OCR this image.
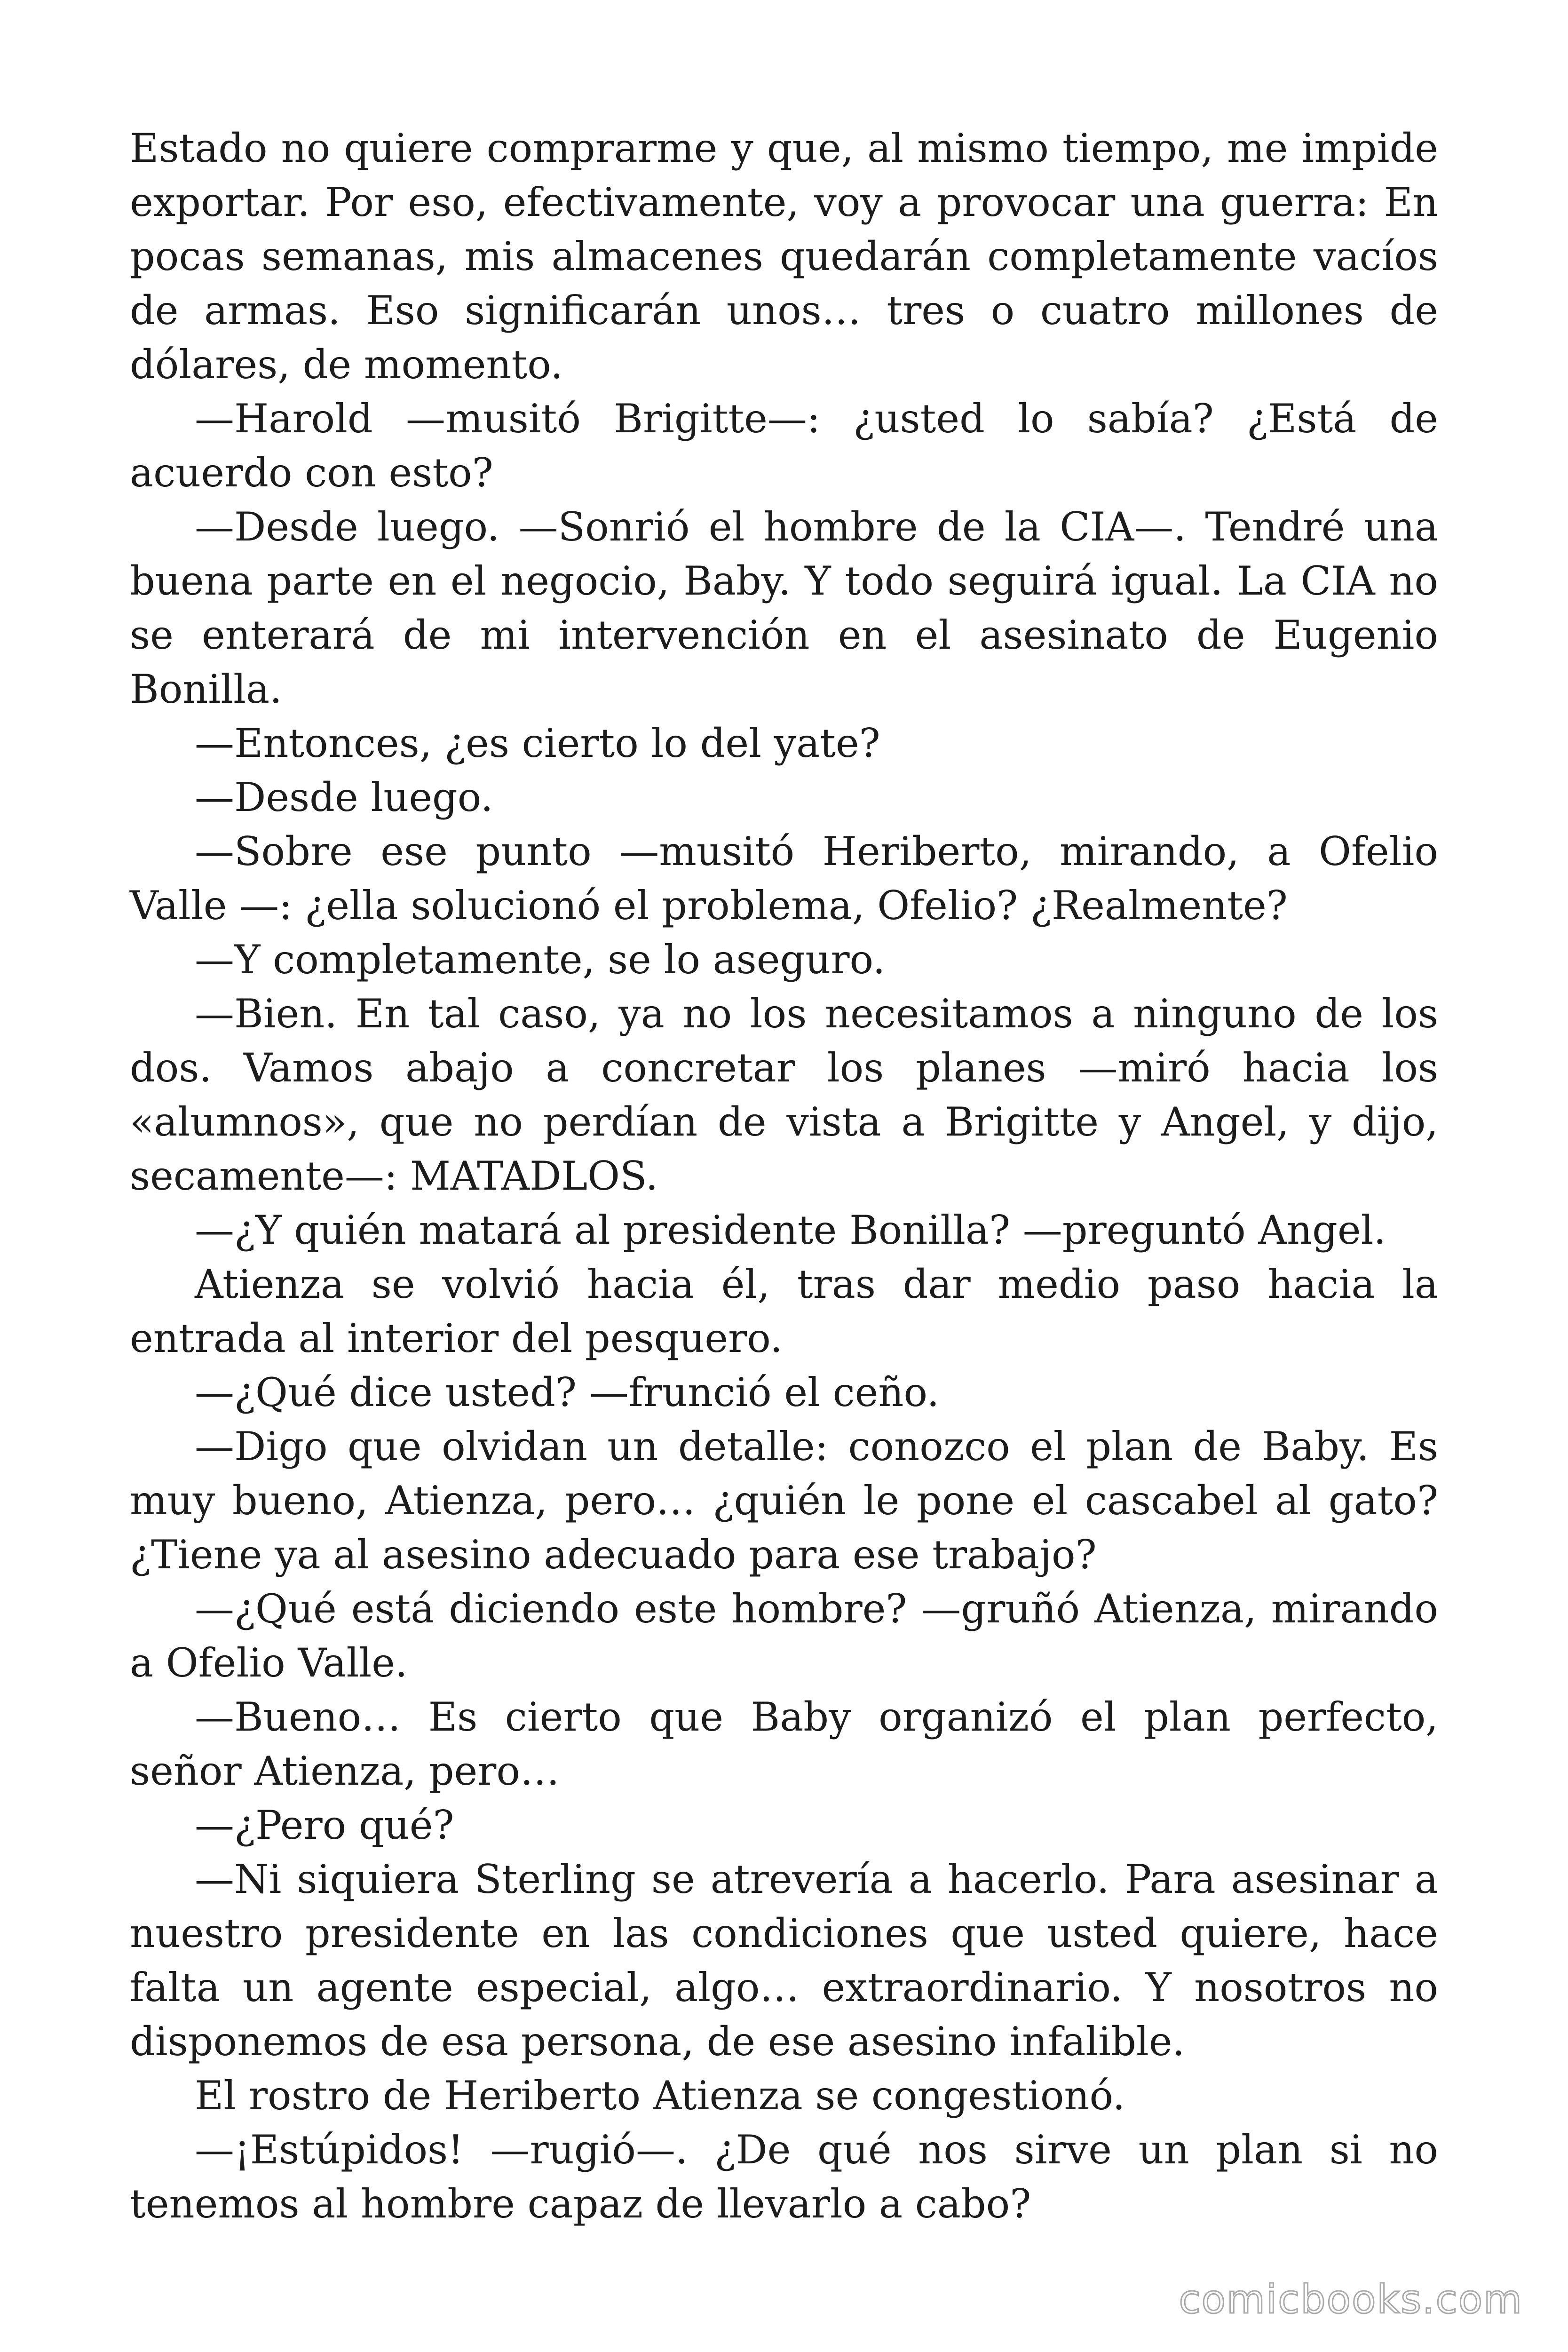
Estado no quiere comprarme y que, al mismo tiempo, me impide exportar. Por eso, efectivamente, voy a provocar una guerra: En pocas semanas, mis almacenes quedarán completamente vacíos de armas. Eso significarán unos… tres o cuatro millones de dólares, de momento.

—Harold —musitó Brigitte—: ¿usted lo sabía? ¿Está de acuerdo con esto?

—Desde luego. —Sonrió el hombre de la CIA—. Tendré una buena parte en el negocio, Baby. Y todo seguirá igual. La CIA no se enterará de mi intervención en el asesinato de Eugenio Bonilla.

—Entonces, ¿es cierto lo del yate?

—Desde luego.

—Sobre ese punto —musitó Heriberto, mirando, a Ofelio Valle —: ¿ella solucionó el problema, Ofelio? ¿Realmente?

—Y completamente, se lo aseguro.

—Bien. En tal caso, ya no los necesitamos a ninguno de los dos. Vamos abajo a concretar los planes —miró hacia los «alumnos», que no perdían de vista a Brigitte y Angel, y dijo, secamente—: MATADLOS.

—¿Y quién matará al presidente Bonilla? —preguntó Angel.

Atienza se volvió hacia él, tras dar medio paso hacia la entrada al interior del pesquero.

—¿Qué dice usted? —frunció el ceño.

—Digo que olvidan un detalle: conozco el plan de Baby. Es muy bueno, Atienza, pero… ¿quién le pone el cascabel al gato? ¿Tiene ya al asesino adecuado para ese trabajo?

—¿Qué está diciendo este hombre? —gruñó Atienza, mirando a Ofelio Valle.

—Bueno… Es cierto que Baby organizó el plan perfecto, señor Atienza, pero…

—¿Pero qué?

—Ni siquiera Sterling se atrevería a hacerlo. Para asesinar a nuestro presidente en las condiciones que usted quiere, hace falta un agente especial, algo… extraordinario. Y nosotros no disponemos de esa persona, de ese asesino infalible.

El rostro de Heriberto Atienza se congestionó.

—¡Estúpidos! —rugió—. ¿De qué nos sirve un plan si no tenemos al hombre capaz de llevarlo a cabo?

comicbooks.com
